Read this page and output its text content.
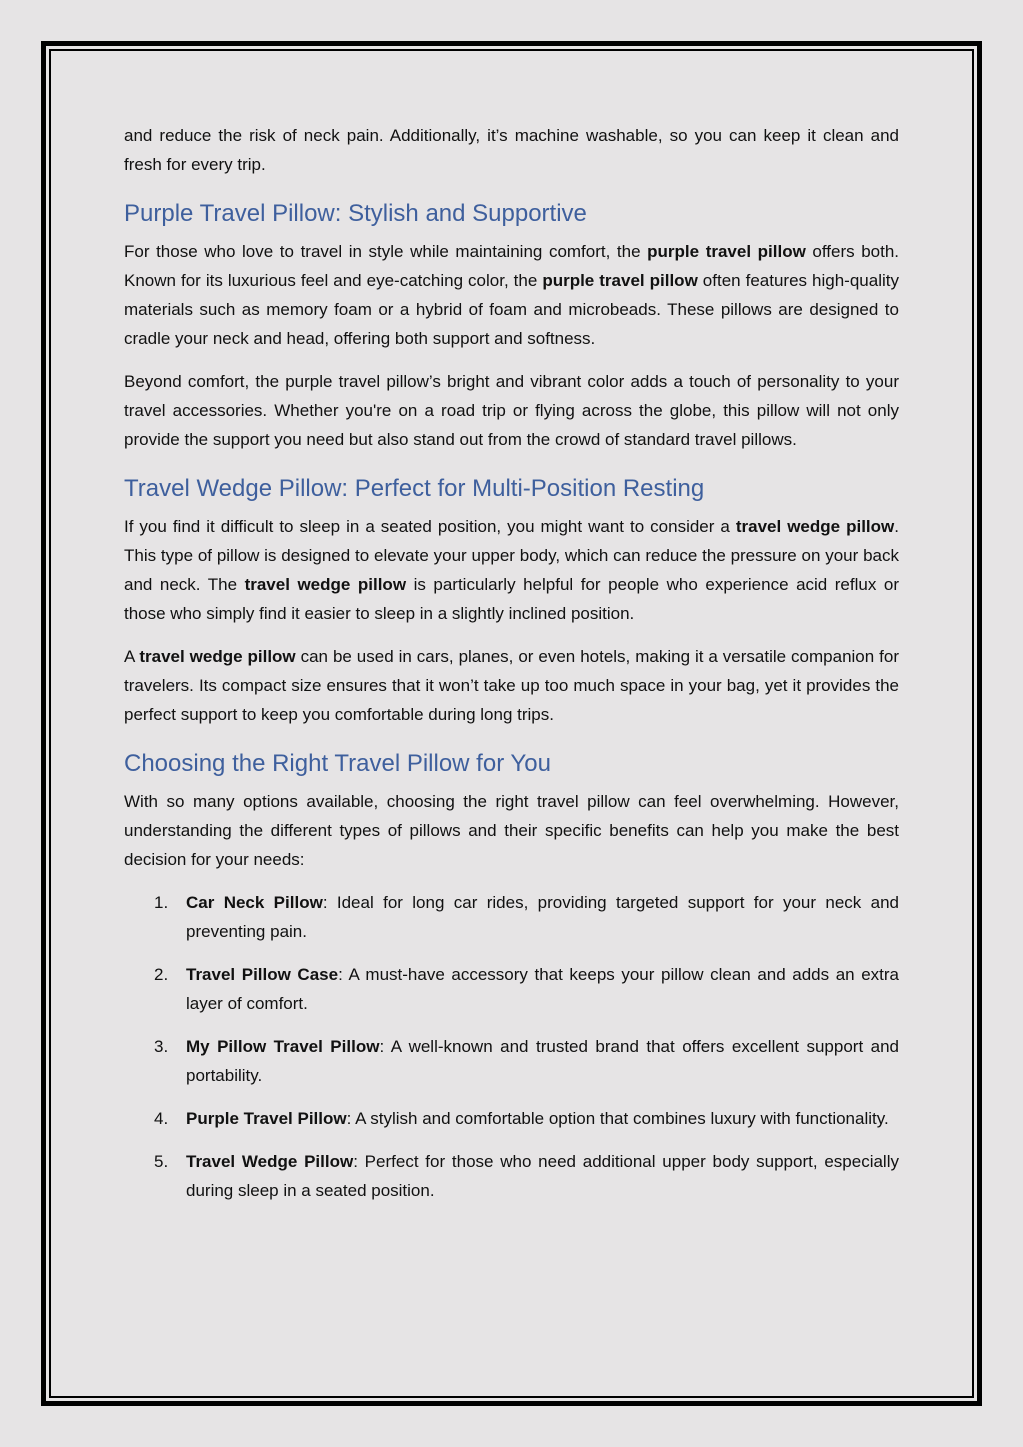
and reduce the risk of neck pain. Additionally, it’s machine washable, so you can keep it clean and fresh for every trip.

Purple Travel Pillow: Stylish and Supportive

For those who love to travel in style while maintaining comfort, the purple travel pillow offers both. Known for its luxurious feel and eye-catching color, the purple travel pillow often features high-quality materials such as memory foam or a hybrid of foam and microbeads. These pillows are designed to cradle your neck and head, offering both support and softness.

Beyond comfort, the purple travel pillow’s bright and vibrant color adds a touch of personality to your travel accessories. Whether you're on a road trip or flying across the globe, this pillow will not only provide the support you need but also stand out from the crowd of standard travel pillows.

Travel Wedge Pillow: Perfect for Multi-Position Resting

If you find it difficult to sleep in a seated position, you might want to consider a travel wedge pillow. This type of pillow is designed to elevate your upper body, which can reduce the pressure on your back and neck. The travel wedge pillow is particularly helpful for people who experience acid reflux or those who simply find it easier to sleep in a slightly inclined position.

A travel wedge pillow can be used in cars, planes, or even hotels, making it a versatile companion for travelers. Its compact size ensures that it won’t take up too much space in your bag, yet it provides the perfect support to keep you comfortable during long trips.

Choosing the Right Travel Pillow for You

With so many options available, choosing the right travel pillow can feel overwhelming. However, understanding the different types of pillows and their specific benefits can help you make the best decision for your needs:

1. Car Neck Pillow: Ideal for long car rides, providing targeted support for your neck and preventing pain.
2. Travel Pillow Case: A must-have accessory that keeps your pillow clean and adds an extra layer of comfort.
3. My Pillow Travel Pillow: A well-known and trusted brand that offers excellent support and portability.
4. Purple Travel Pillow: A stylish and comfortable option that combines luxury with functionality.
5. Travel Wedge Pillow: Perfect for those who need additional upper body support, especially during sleep in a seated position.
